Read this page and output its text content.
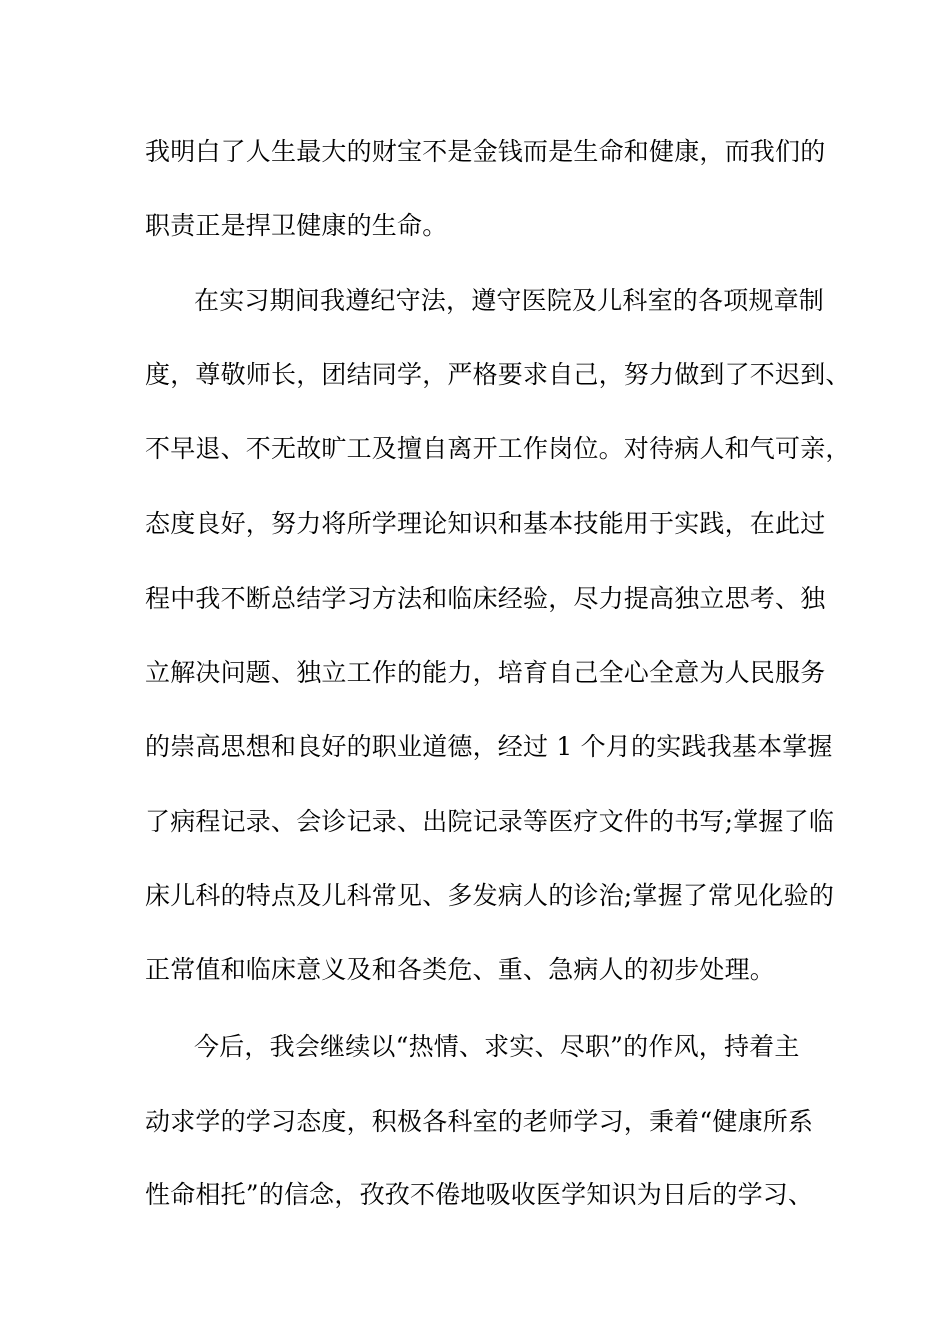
我明白了人生最大的财宝不是金钱而是生命和健康，而我们的
职责正是捍卫健康的生命。
在实习期间我遵纪守法，遵守医院及儿科室的各项规章制
度，尊敬师长，团结同学，严格要求自己，努力做到了不迟到、
不早退、不无故旷工及擅自离开工作岗位。对待病人和气可亲，
态度良好，努力将所学理论知识和基本技能用于实践，在此过
程中我不断总结学习方法和临床经验，尽力提高独立思考、独
立解决问题、独立工作的能力，培育自己全心全意为人民服务
的崇高思想和良好的职业道德，经过 1 个月的实践我基本掌握
了病程记录、会诊记录、出院记录等医疗文件的书写;掌握了临
床儿科的特点及儿科常见、多发病人的诊治;掌握了常见化验的
正常值和临床意义及和各类危、重、急病人的初步处理。
今后，我会继续以“热情、求实、尽职”的作风，持着主
动求学的学习态度，积极各科室的老师学习，秉着“健康所系
性命相托”的信念，孜孜不倦地吸收医学知识为日后的学习、
